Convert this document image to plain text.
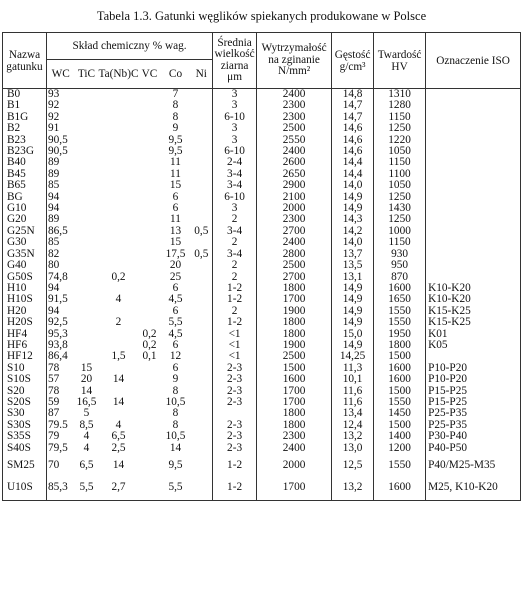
Tabela 1.3. Gatunki węglików spiekanych produkowane w Polsce
Nazwa gatunku	Skład chemiczny % wag.						Średnia wielkość ziarna μm	Wytrzymałość na zginanie N/mm²	Gęstość g/cm³	Twardość HV	Oznaczenie ISO
	WC	TiC	Ta(Nb)C	VC	Co	Ni					
B0	93				7		3	2400	14,8	1310	
B1	92				8		3	2300	14,7	1280	
B1G	92				8		6-10	2300	14,7	1150	
B2	91				9		3	2500	14,6	1250	
B23	90,5				9,5		3	2550	14,6	1220	
B23G	90,5				9,5		6-10	2400	14,6	1050	
B40	89				11		2-4	2600	14,4	1150	
B45	89				11		3-4	2650	14,4	1100	
B65	85				15		3-4	2900	14,0	1050	
BG	94				6		6-10	2100	14,9	1250	
G10	94				6		3	2000	14,9	1430	
G20	89				11		2	2300	14,3	1250	
G25N	86,5				13	0,5	3-4	2700	14,2	1000	
G30	85				15		2	2400	14,0	1150	
G35N	82				17,5	0,5	3-4	2800	13,7	930	
G40	80				20		2	2500	13,5	950	
G50S	74,8		0,2		25		2	2700	13,1	870	
H10	94				6		1-2	1800	14,9	1600	K10-K20
H10S	91,5		4		4,5		1-2	1700	14,9	1650	K10-K20
H20	94				6		2	1900	14,9	1550	K15-K25
H20S	92,5		2		5,5		1-2	1800	14,9	1550	K15-K25
HF4	95,3			0,2	4,5		<1	1800	15,0	1950	K01
HF6	93,8			0,2	6		<1	1900	14,9	1800	K05
HF12	86,4		1,5	0,1	12		<1	2500	14,25	1500	
S10	78	15			6		2-3	1500	11,3	1600	P10-P20
S10S	57	20	14		9		2-3	1600	10,1	1600	P10-P20
S20	78	14			8		2-3	1700	11,6	1500	P15-P25
S20S	59	16,5	14		10,5		2-3	1700	11,6	1550	P15-P25
S30	87	5			8			1800	13,4	1450	P25-P35
S30S	79.5	8,5	4		8		2-3	1800	12,4	1500	P25-P35
S35S	79	4	6,5		10,5		2-3	2300	13,2	1400	P30-P40
S40S	79,5	4	2,5		14		2-3	2400	13,0	1200	P40-P50
SM25	70	6,5	14		9,5		1-2	2000	12,5	1550	P40/M25-M35
U10S	85,3	5,5	2,7		5,5		1-2	1700	13,2	1600	M25, K10-K20
